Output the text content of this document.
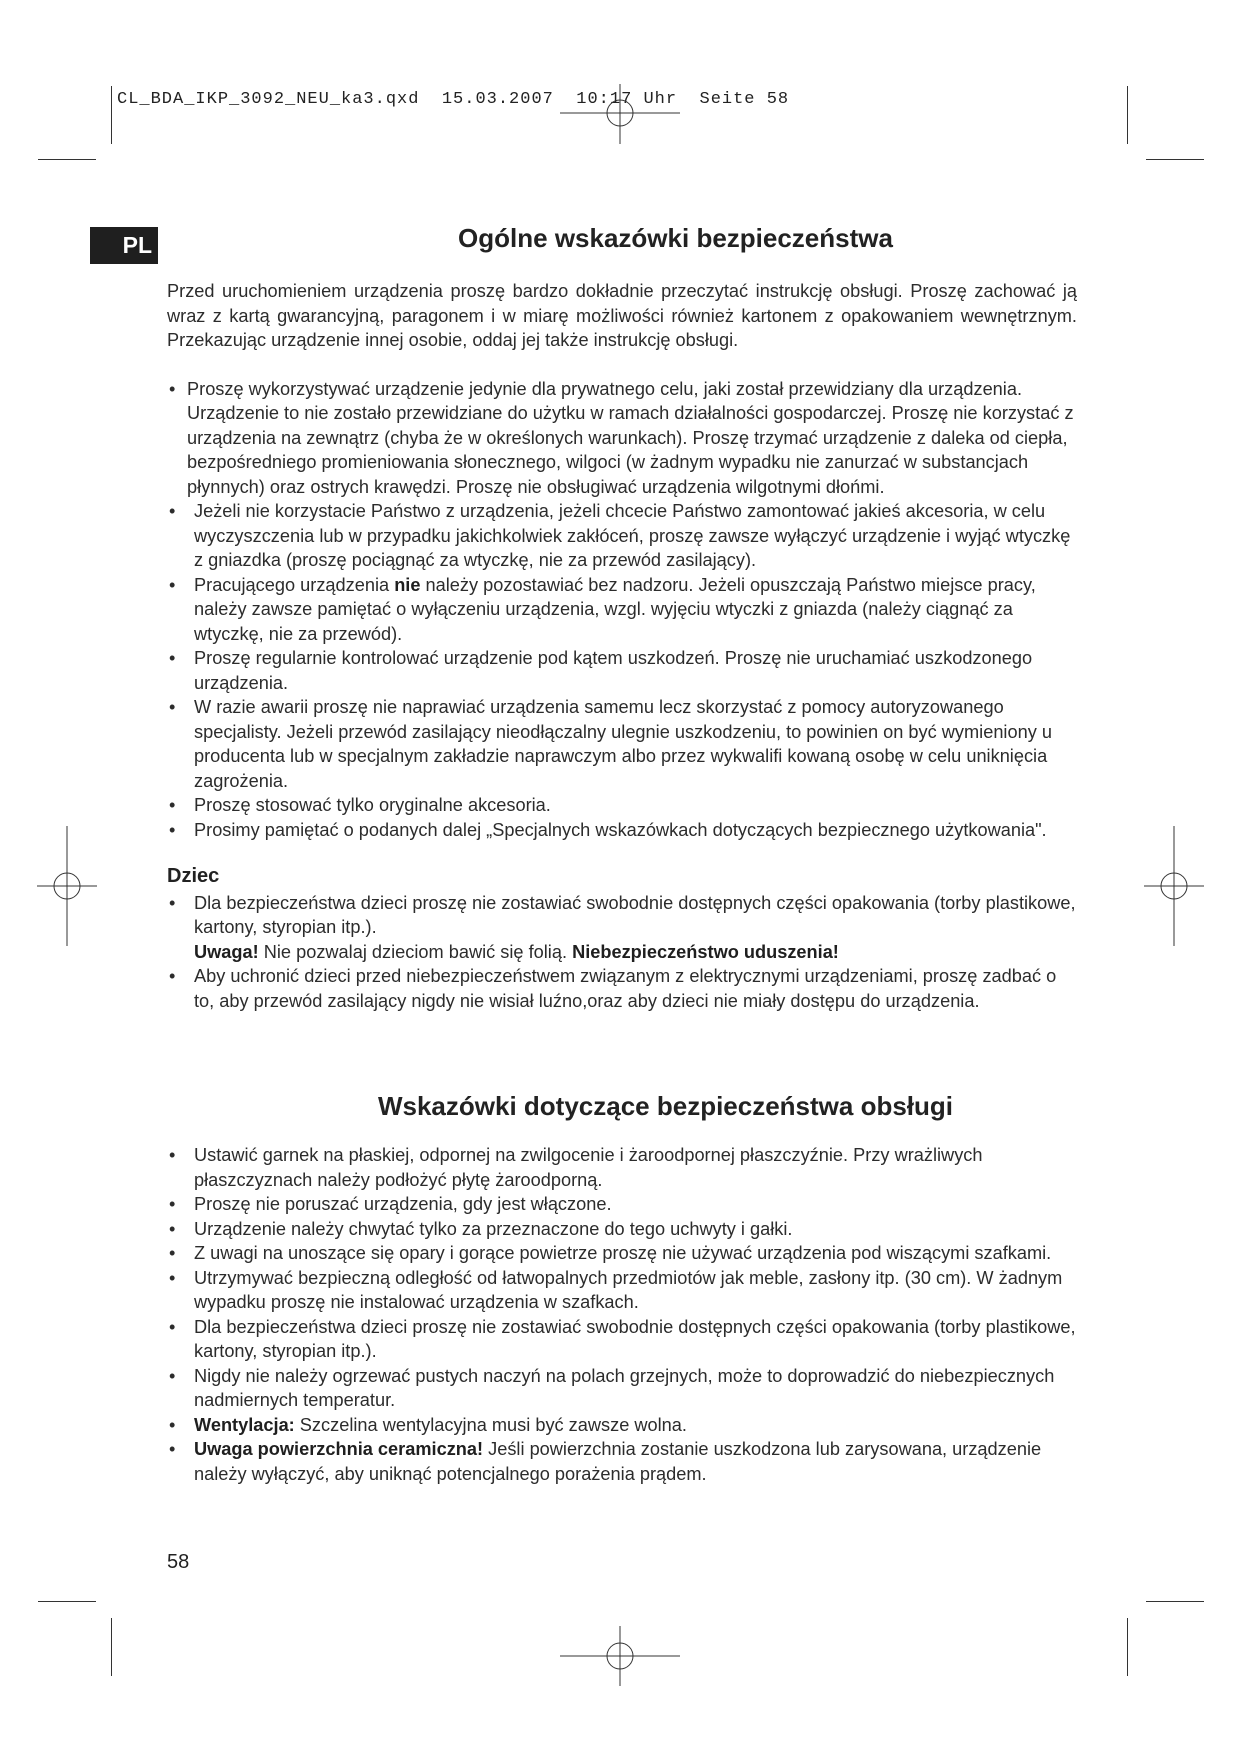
CL_BDA_IKP_3092_NEU_ka3.qxd  15.03.2007  10:17 Uhr  Seite 58
PL	Ogólne wskazówki bezpieczeństwa

Przed uruchomieniem urządzenia proszę bardzo dokładnie przeczytać instrukcję obsługi. Proszę zachować ją wraz z kartą gwarancyjną, paragonem i w miarę możliwości również kartonem z opakowaniem wewnętrznym. Przekazując urządzenie innej osobie, oddaj jej także instrukcję obsługi.

• Proszę wykorzystywać urządzenie jedynie dla prywatnego celu, jaki został przewidziany dla urządzenia. Urządzenie to nie zostało przewidziane do użytku w ramach działalności gospodarczej. Proszę nie korzystać z urządzenia na zewnątrz (chyba że w określonych warunkach). Proszę trzymać urządzenie z daleka od ciepła, bezpośredniego promieniowania słonecznego, wilgoci (w żadnym wypadku nie zanurzać w substancjach płynnych) oraz ostrych krawędzi. Proszę nie obsługiwać urządzenia wilgotnymi dłońmi.
• Jeżeli nie korzystacie Państwo z urządzenia, jeżeli chcecie Państwo zamontować jakieś akcesoria, w celu wyczyszczenia lub w przypadku jakichkolwiek zakłóceń, proszę zawsze wyłączyć urządzenie i wyjąć wtyczkę z gniazdka (proszę pociągnąć za wtyczkę, nie za przewód zasilający).
• Pracującego urządzenia nie należy pozostawiać bez nadzoru. Jeżeli opuszczają Państwo miejsce pracy, należy zawsze pamiętać o wyłączeniu urządzenia, wzgl. wyjęciu wtyczki z gniazda (należy ciągnąć za wtyczkę, nie za przewód).
• Proszę regularnie kontrolować urządzenie pod kątem uszkodzeń. Proszę nie uruchamiać uszkodzonego urządzenia.
• W razie awarii proszę nie naprawiać urządzenia samemu lecz skorzystać z pomocy autoryzowanego specjalisty. Jeżeli przewód zasilający nieodłączalny ulegnie uszkodzeniu, to powinien on być wymieniony u producenta lub w specjalnym zakładzie naprawczym albo przez wykwalifi kowaną osobę w celu uniknięcia zagrożenia.
• Proszę stosować tylko oryginalne akcesoria.
• Prosimy pamiętać o podanych dalej „Specjalnych wskazówkach dotyczących bezpiecznego użytkowania".
Dziec
• Dla bezpieczeństwa dzieci proszę nie zostawiać swobodnie dostępnych części opakowania (torby plastikowe, kartony, styropian itp.).
Uwaga! Nie pozwalaj dzieciom bawić się folią. Niebezpieczeństwo uduszenia!
• Aby uchronić dzieci przed niebezpieczeństwem związanym z elektrycznymi urządzeniami, proszę zadbać o to, aby przewód zasilający nigdy nie wisiał luźno,oraz aby dzieci nie miały dostępu do urządzenia.
Wskazówki dotyczące bezpieczeństwa obsługi
• Ustawić garnek na płaskiej, odpornej na zwilgocenie i żaroodpornej płaszczyźnie. Przy wrażliwych płaszczyznach należy podłożyć płytę żaroodporną.
• Proszę nie poruszać urządzenia, gdy jest włączone.
• Urządzenie należy chwytać tylko za przeznaczone do tego uchwyty i gałki.
• Z uwagi na unoszące się opary i gorące powietrze proszę nie używać urządzenia pod wiszącymi szafkami.
• Utrzymywać bezpieczną odległość od łatwopalnych przedmiotów jak meble, zasłony itp. (30 cm). W żadnym wypadku proszę nie instalować urządzenia w szafkach.
• Dla bezpieczeństwa dzieci proszę nie zostawiać swobodnie dostępnych części opakowania (torby plastikowe, kartony, styropian itp.).
• Nigdy nie należy ogrzewać pustych naczyń na polach grzejnych, może to doprowadzić do niebezpiecznych nadmiernych temperatur.
• Wentylacja: Szczelina wentylacyjna musi być zawsze wolna.
• Uwaga powierzchnia ceramiczna! Jeśli powierzchnia zostanie uszkodzona lub zarysowana, urządzenie należy wyłączyć, aby uniknąć potencjalnego porażenia prądem.
58
